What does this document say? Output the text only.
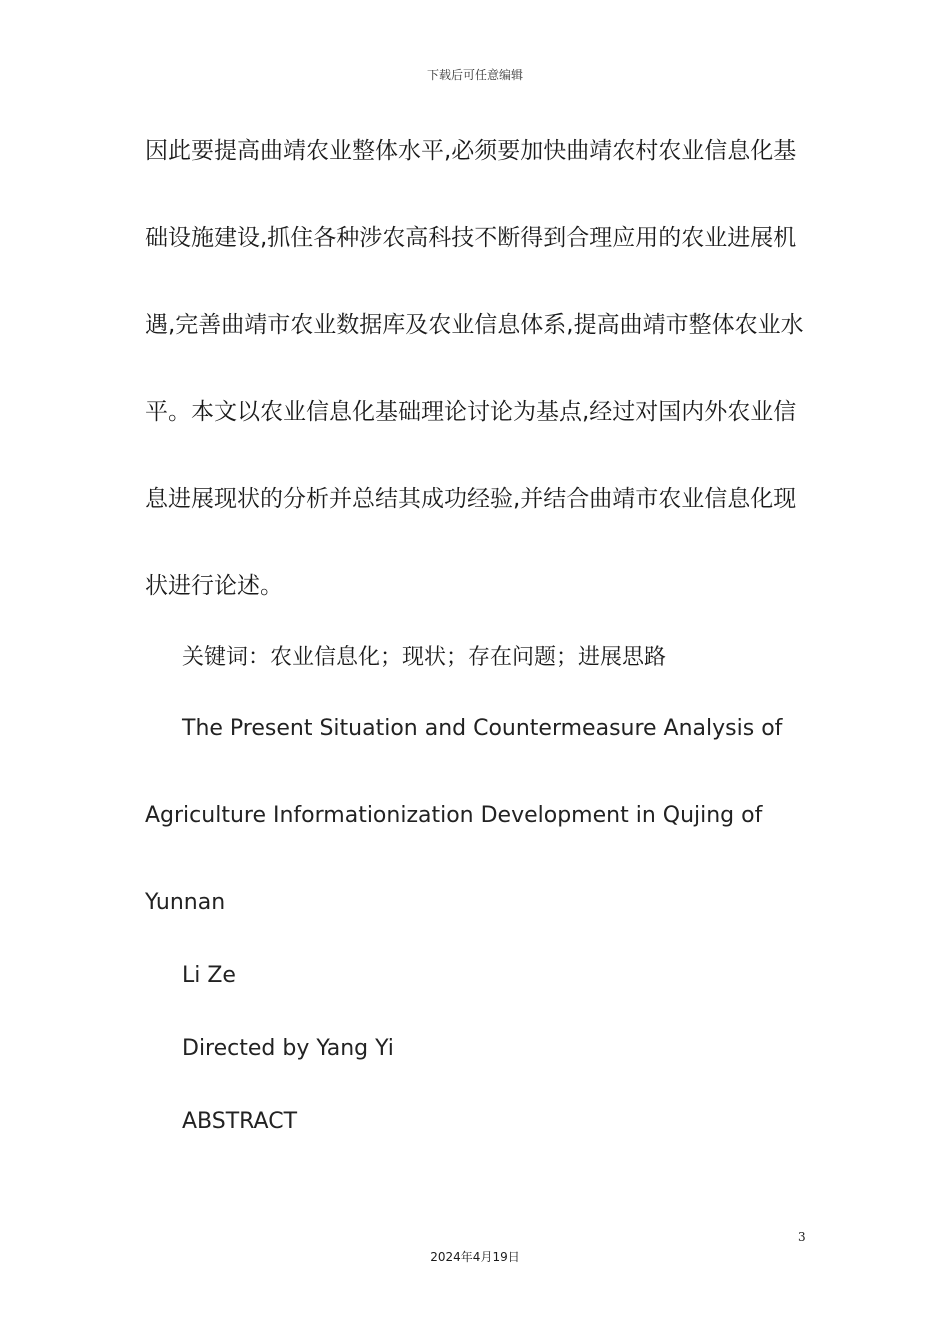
下载后可任意编辑
因此要提高曲靖农业整体水平,必须要加快曲靖农村农业信息化基
础设施建设,抓住各种涉农高科技不断得到合理应用的农业进展机
遇,完善曲靖市农业数据库及农业信息体系,提高曲靖市整体农业水
平。本文以农业信息化基础理论讨论为基点,经过对国内外农业信
息进展现状的分析并总结其成功经验,并结合曲靖市农业信息化现
状进行论述。
关键词：农业信息化；现状；存在问题；进展思路
The Present Situation and Countermeasure Analysis of
Agriculture Informationization Development in Qujing of
Yunnan
Li Ze
Directed by Yang Yi
ABSTRACT
3
2024年4月19日
